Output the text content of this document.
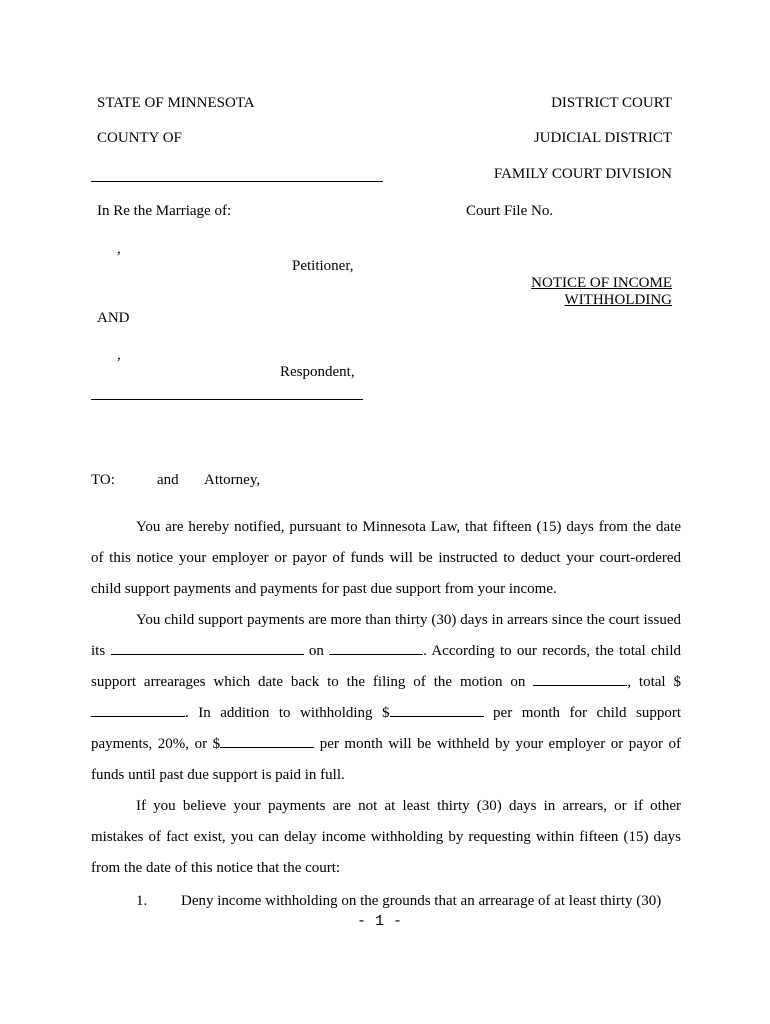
STATE OF MINNESOTA
COUNTY OF
In Re the Marriage of:
,
Petitioner,
AND
,
Respondent,
DISTRICT COURT
JUDICIAL DISTRICT
FAMILY COURT DIVISION
Court File No.
NOTICE OF INCOME
WITHHOLDING
TO:	and Attorney,

You are hereby notified, pursuant to Minnesota Law, that fifteen (15) days from the date of this notice your employer or payor of funds will be instructed to deduct your court-ordered child support payments and payments for past due support from your income.

You child support payments are more than thirty (30) days in arrears since the court issued its	on	. According to our records, the total child support arrearages which date back to the filing of the motion on	, total $. In addition to withholding $	per month for child support payments, 20%, or $	per month will be withheld by your employer or payor of funds until past due support is paid in full.

If you believe your payments are not at least thirty (30) days in arrears, or if other mistakes of fact exist, you can delay income withholding by requesting within fifteen (15) days from the date of this notice that the court:

1. Deny income withholding on the grounds that an arrearage of at least thirty (30)
- 1 -
